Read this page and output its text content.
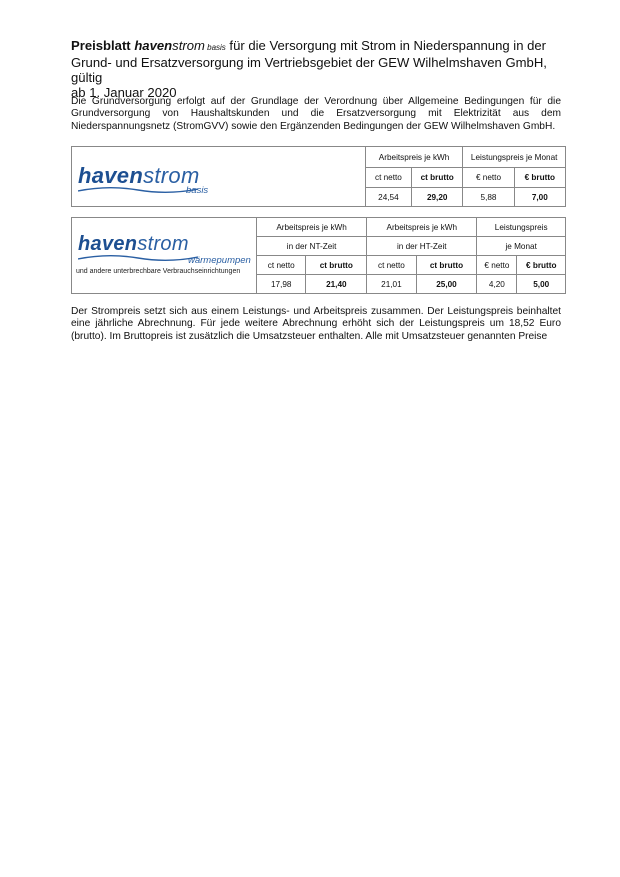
Preisblatt havenstrom basis für die Versorgung mit Strom in Niederspannung in der
Grund- und Ersatzversorgung im Vertriebsgebiet der GEW Wilhelmshaven GmbH, gültig
ab 1. Januar 2020
Die Grundversorgung erfolgt auf der Grundlage der Verordnung über Allgemeine Bedingungen für die Grundversorgung von Haushaltskunden und die Ersatzversorgung mit Elektrizität aus dem Niederspannungsnetz (StromGVV) sowie den Ergänzenden Bedingungen der GEW Wilhelmshaven GmbH.
havenstrom
basis	Arbeitspreis je kWh		Leistungspreis je Monat	
	ct netto	ct brutto	€ netto	€ brutto
	24,54	29,20	5,88	7,00
havenstrom
wärmepumpen
und andere unterbrechbare Verbrauchseinrichtungen	Arbeitspreis je kWh		Arbeitspreis je kWh		Leistungspreis	
	in der NT-Zeit		in der HT-Zeit		je Monat	
	ct netto	ct brutto	ct netto	ct brutto	€ netto	€ brutto
	17,98	21,40	21,01	25,00	4,20	5,00
Der Strompreis setzt sich aus einem Leistungs- und Arbeitspreis zusammen. Der Leistungspreis beinhaltet eine jährliche Abrechnung. Für jede weitere Abrechnung erhöht sich der Leistungspreis um 18,52 Euro (brutto). Im Bruttopreis ist zusätzlich die Umsatzsteuer enthalten. Alle mit Umsatzsteuer genannten Preise
